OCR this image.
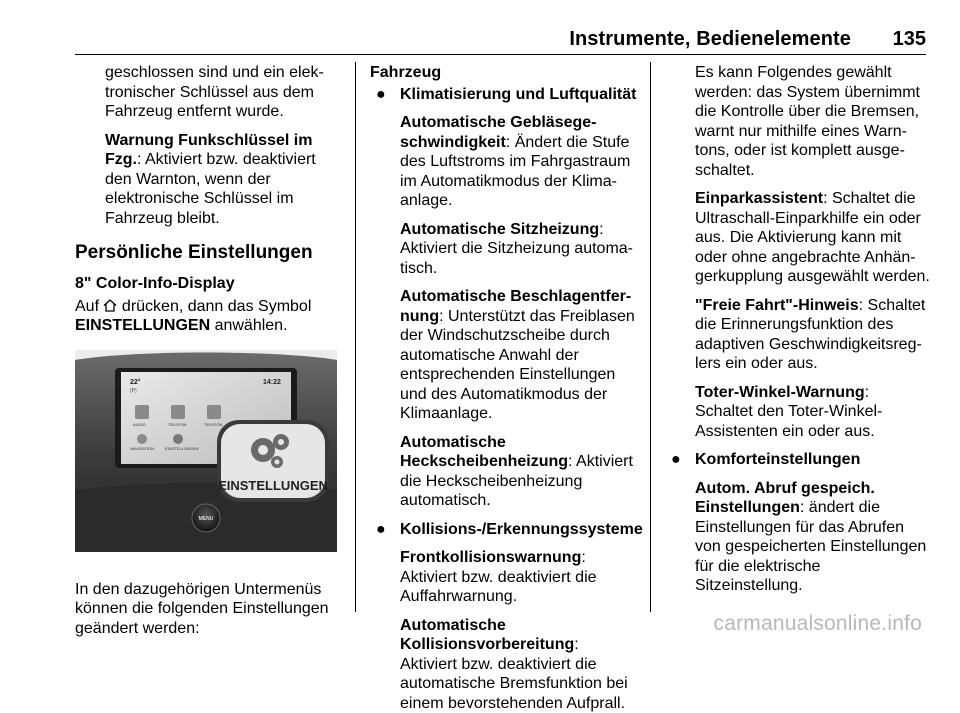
Instrumente, Bedienelemente 135

geschlossen sind und ein elektronischer Schlüssel aus dem Fahrzeug entfernt wurde.

Warnung Funkschlüssel im Fzg.: Aktiviert bzw. deaktiviert den Warnton, wenn der elektronische Schlüssel im Fahrzeug bleibt.

Persönliche Einstellungen
8" Color-Info-Display

Auf drücken, dann das Symbol EINSTELLUNGEN anwählen.

22°
(P)
14:22
AUDIO	TELEFON	TELEFON
NAVIGATION	EINSTELLUNGEN
EINSTELLUNGEN
MENU

In den dazugehörigen Untermenüs können die folgenden Einstellungen geändert werden:

Fahrzeug
● Klimatisierung und Luftqualität

Automatische Gebläsegeschwindigkeit: Ändert die Stufe des Luftstroms im Fahrgastraum im Automatikmodus der Klimaanlage.

Automatische Sitzheizung: Aktiviert die Sitzheizung automatisch.

Automatische Beschlagentfernung: Unterstützt das Freiblasen der Windschutzscheibe durch automatische Anwahl der entsprechenden Einstellungen und des Automatikmodus der Klimaanlage.

Automatische Heckscheibenheizung: Aktiviert die Heckscheibenheizung automatisch.

● Kollisions-/Erkennungssysteme

Frontkollisionswarnung: Aktiviert bzw. deaktiviert die Auffahrwarnung.

Automatische Kollisionsvorbereitung: Aktiviert bzw. deaktiviert die automatische Bremsfunktion bei einem bevorstehenden Aufprall.

Es kann Folgendes gewählt werden: das System übernimmt die Kontrolle über die Bremsen, warnt nur mithilfe eines Warntons, oder ist komplett ausgeschaltet.

Einparkassistent: Schaltet die Ultraschall-Einparkhilfe ein oder aus. Die Aktivierung kann mit oder ohne angebrachte Anhängerkupplung ausgewählt werden.

"Freie Fahrt"-Hinweis: Schaltet die Erinnerungsfunktion des adaptiven Geschwindigkeitsreglers ein oder aus.

Toter-Winkel-Warnung: Schaltet den Toter-Winkel-Assistenten ein oder aus.

● Komforteinstellungen

Autom. Abruf gespeich. Einstellungen: ändert die Einstellungen für das Abrufen von gespeicherten Einstellungen für die elektrische Sitzeinstellung.

carmanualsonline.info
